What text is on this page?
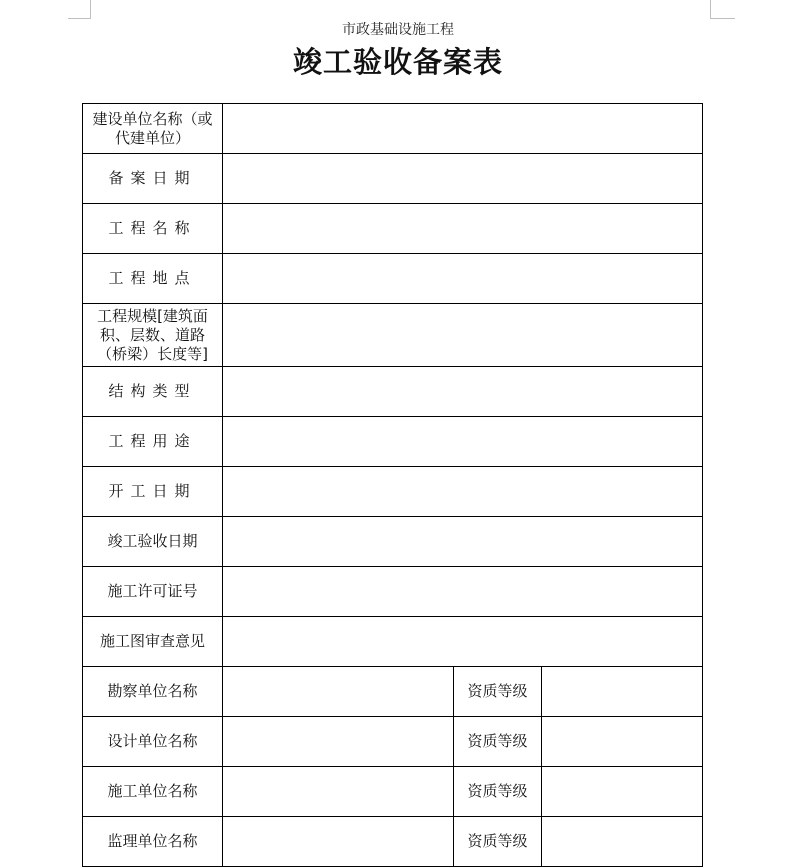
市政基础设施工程
竣工验收备案表
建设单位名称（或代建单位）			
备案日期			
工程名称			
工程地点			
工程规模[建筑面积、层数、道路（桥梁）长度等]			
结构类型			
工程用途			
开工日期			
竣工验收日期			
施工许可证号			
施工图审查意见			
勘察单位名称		资质等级	
设计单位名称		资质等级	
施工单位名称		资质等级	
监理单位名称		资质等级	
